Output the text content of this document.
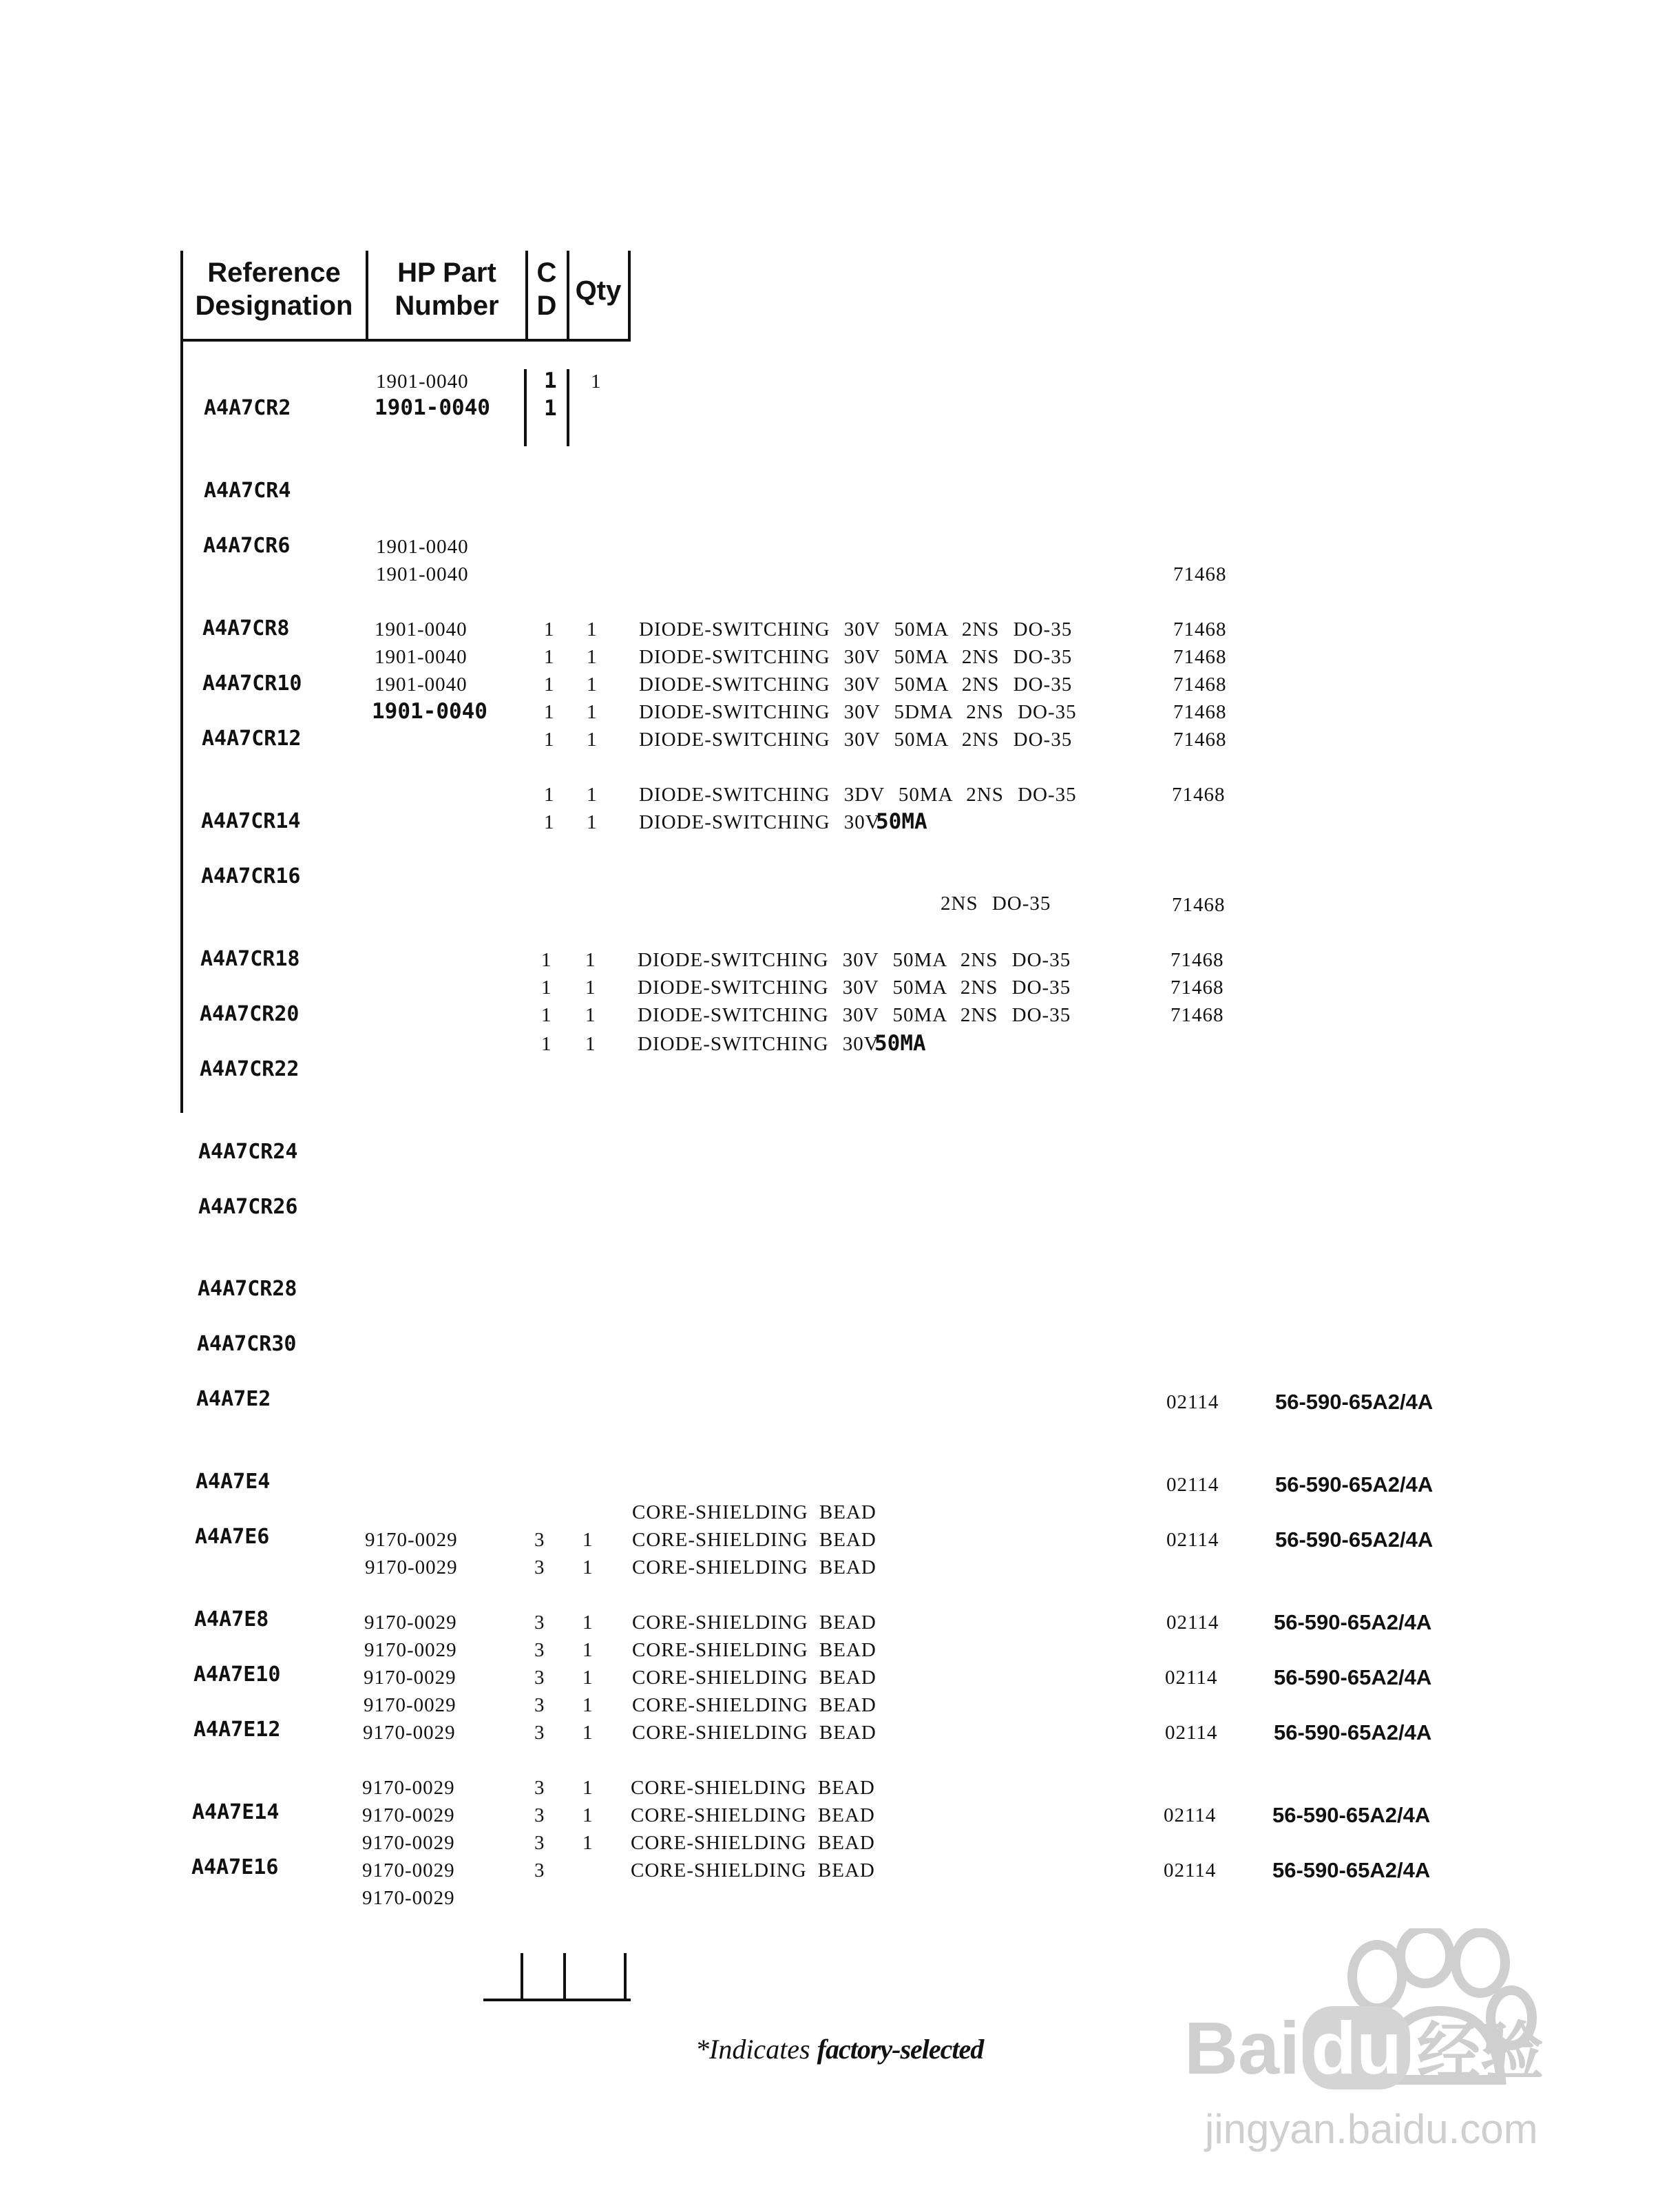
Reference Designation
HP Part Number
C D Qty
A4A7CR2
A4A7CR4
A4A7CR6
A4A7CR8
A4A7CR10
A4A7CR12
A4A7CR14
A4A7CR16
A4A7CR18
A4A7CR20
A4A7CR22
A4A7CR24
A4A7CR26
A4A7CR28
A4A7CR30
A4A7E2
A4A7E4
A4A7E6
A4A7E8
A4A7E10
A4A7E12
A4A7E14
A4A7E16
1901-0040
1901-0040
1901-0040
1901-0040
1901-0040
1901-0040
1901-0040
1901-0040
9170-0029
9170-0029
9170-0029
9170-0029
9170-0029
9170-0029
9170-0029
9170-0029
9170-0029
9170-0029
9170-0029
9170-0029
1
1
1
1
1
1
1
1
1
1
1
1
1
3
3
3
3
3
3
3
3
3
3
3
1
1
1
1
1
1
1
1
1
1
1
1
1
1
1
1
1
1
1
1
1
1
DIODE-SWITCHING 30V 50MA 2NS DO-35
DIODE-SWITCHING 30V 50MA 2NS DO-35
DIODE-SWITCHING 30V 50MA 2NS DO-35
DIODE-SWITCHING 30V 5DMA 2NS DO-35
DIODE-SWITCHING 30V 50MA 2NS DO-35
DIODE-SWITCHING 3DV 50MA 2NS DO-35
DIODE-SWITCHING 30V
50MA
2NS DO-35
DIODE-SWITCHING 30V 50MA 2NS DO-35
DIODE-SWITCHING 30V 50MA 2NS DO-35
DIODE-SWITCHING 30V 50MA 2NS DO-35
DIODE-SWITCHING 30V
50MA
CORE-SHIELDING BEAD
CORE-SHIELDING BEAD
CORE-SHIELDING BEAD
CORE-SHIELDING BEAD
CORE-SHIELDING BEAD
CORE-SHIELDING BEAD
CORE-SHIELDING BEAD
CORE-SHIELDING BEAD
CORE-SHIELDING BEAD
CORE-SHIELDING BEAD
CORE-SHIELDING BEAD
CORE-SHIELDING BEAD
71468
71468
71468
71468
71468
71468
71468
71468
71468
71468
71468
02114
02114
02114
02114
02114
02114
02114
02114
56-590-65A2/4A
56-590-65A2/4A
56-590-65A2/4A
56-590-65A2/4A
56-590-65A2/4A
56-590-65A2/4A
56-590-65A2/4A
56-590-65A2/4A
*Indicates factory-selected	Bai du 经验
jingyan.baidu.com
